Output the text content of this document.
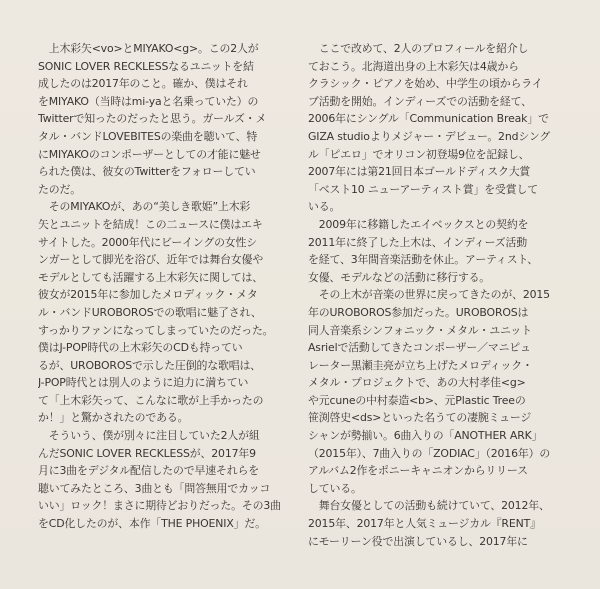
　上木彩矢<vo>とMIYAKO<g>。この2人が
SONIC LOVER RECKLESSなるユニットを結
成したのは2017年のこと。確か、僕はそれ
をMIYAKO（当時はmi-yaと名乗っていた）の
Twitterで知ったのだったと思う。ガールズ・メ
タル・バンドLOVEBITESの楽曲を聴いて、特
にMIYAKOのコンポーザーとしての才能に魅せ
られた僕は、彼女のTwitterをフォローしてい
たのだ。
　そのMIYAKOが、あの“美しき歌姫”上木彩
矢とユニットを結成！この二ュースに僕はエキ
サイトした。2000年代にビーイングの女性シ
ンガーとして脚光を浴び、近年では舞台女優や
モデルとしても活躍する上木彩矢に関しては、
彼女が2015年に参加したメロディック・メタ
ル・バンドUROBOROSでの歌唱に魅了され、
すっかりファンになってしまっていたのだった。
僕はJ-POP時代の上木彩矢のCDも持ってい
るが、UROBOROSで示した圧倒的な歌唱は、
J-POP時代とは別人のように迫力に満ちてい
て「上木彩矢って、こんなに歌が上手かったの
か！」と驚かされたのである。
　そういう、僕が別々に注目していた2人が組
んだSONIC LOVER RECKLESSが、2017年9
月に3曲をデジタル配信したので早速それらを
聴いてみたところ、3曲とも「問答無用でカッコ
いい」ロック！まさに期待どおりだった。その3曲
をCD化したのが、本作「THE PHOENIX」だ。
　ここで改めて、2人のプロフィールを紹介し
ておこう。北海道出身の上木彩矢は4歳から
クラシック・ピアノを始め、中学生の頃からライ
ブ活動を開始。インディーズでの活動を経て、
2006年にシングル「Communication Break」で
GIZA studioよりメジャー・デビュー。2ndシング
ル「ピエロ」でオリコン初登場9位を記録し、
2007年には第21回日本ゴールドディスク大賞
「ベスト10 ニューアーティスト賞」を受賞して
いる。
　2009年に移籍したエイベックスとの契約を
2011年に終了した上木は、インディーズ活動
を経て、3年間音楽活動を休止。アーティスト、
女優、モデルなどの活動に移行する。
　その上木が音楽の世界に戻ってきたのが、2015
年のUROBOROS参加だった。UROBOROSは
同人音楽系シンフォニック・メタル・ユニット
Asrielで活動してきたコンポーザー／マニピュ
レーター黒瀬圭亮が立ち上げたメロディック・
メタル・プロジェクトで、あの大村孝佳<g>
や元cuneの中村泰造<b>、元Plastic Treeの
笹渕啓史<ds>といった名うての凄腕ミュージ
シャンが勢揃い。6曲入りの「ANOTHER ARK」
（2015年）、7曲入りの「ZODIAC」（2016年）の
アルバム2作をポニーキャニオンからリリース
している。
　舞台女優としての活動も続けていて、2012年、
2015年、2017年と人気ミュージカル『RENT』
にモーリーン役で出演しているし、2017年に
